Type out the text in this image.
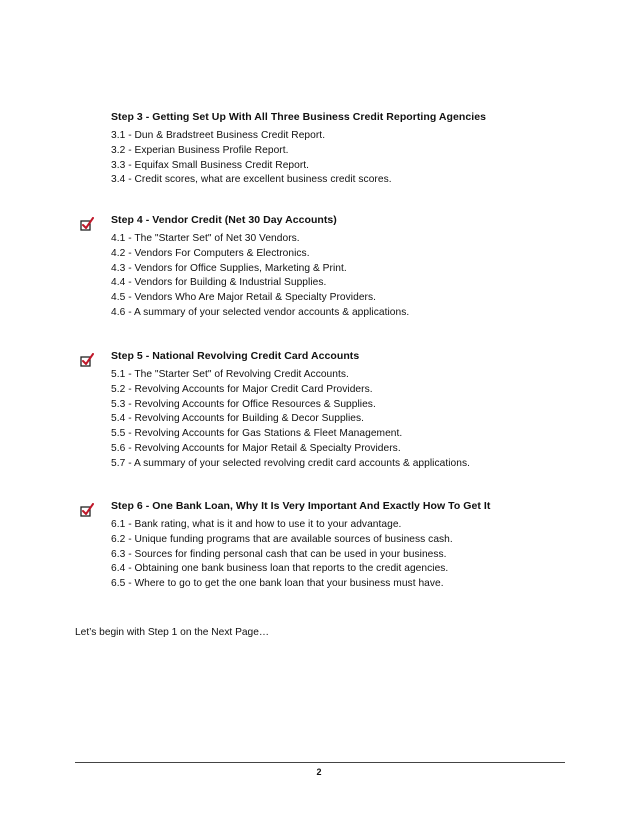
Step 3 - Getting Set Up With All Three Business Credit Reporting Agencies
3.1 - Dun & Bradstreet Business Credit Report.
3.2 - Experian Business Profile Report.
3.3 - Equifax Small Business Credit Report.
3.4 - Credit scores, what are excellent business credit scores.
Step 4 - Vendor Credit (Net 30 Day Accounts)
4.1 - The "Starter Set" of Net 30 Vendors.
4.2 - Vendors For Computers & Electronics.
4.3 - Vendors for Office Supplies, Marketing & Print.
4.4 - Vendors for Building & Industrial Supplies.
4.5 - Vendors Who Are Major Retail & Specialty Providers.
4.6 - A summary of your selected vendor accounts & applications.
Step 5 - National Revolving Credit Card Accounts
5.1 - The "Starter Set" of Revolving Credit Accounts.
5.2 - Revolving Accounts for Major Credit Card Providers.
5.3 - Revolving Accounts for Office Resources & Supplies.
5.4 - Revolving Accounts for Building & Decor Supplies.
5.5 - Revolving Accounts for Gas Stations & Fleet Management.
5.6 - Revolving Accounts for Major Retail & Specialty Providers.
5.7 - A summary of your selected revolving credit card accounts & applications.
Step 6 - One Bank Loan, Why It Is Very Important And Exactly How To Get It
6.1 - Bank rating, what is it and how to use it to your advantage.
6.2 - Unique funding programs that are available sources of business cash.
6.3 - Sources for finding personal cash that can be used in your business.
6.4 - Obtaining one bank business loan that reports to the credit agencies.
6.5 - Where to go to get the one bank loan that your business must have.
Let’s begin with Step 1 on the Next Page…
2
